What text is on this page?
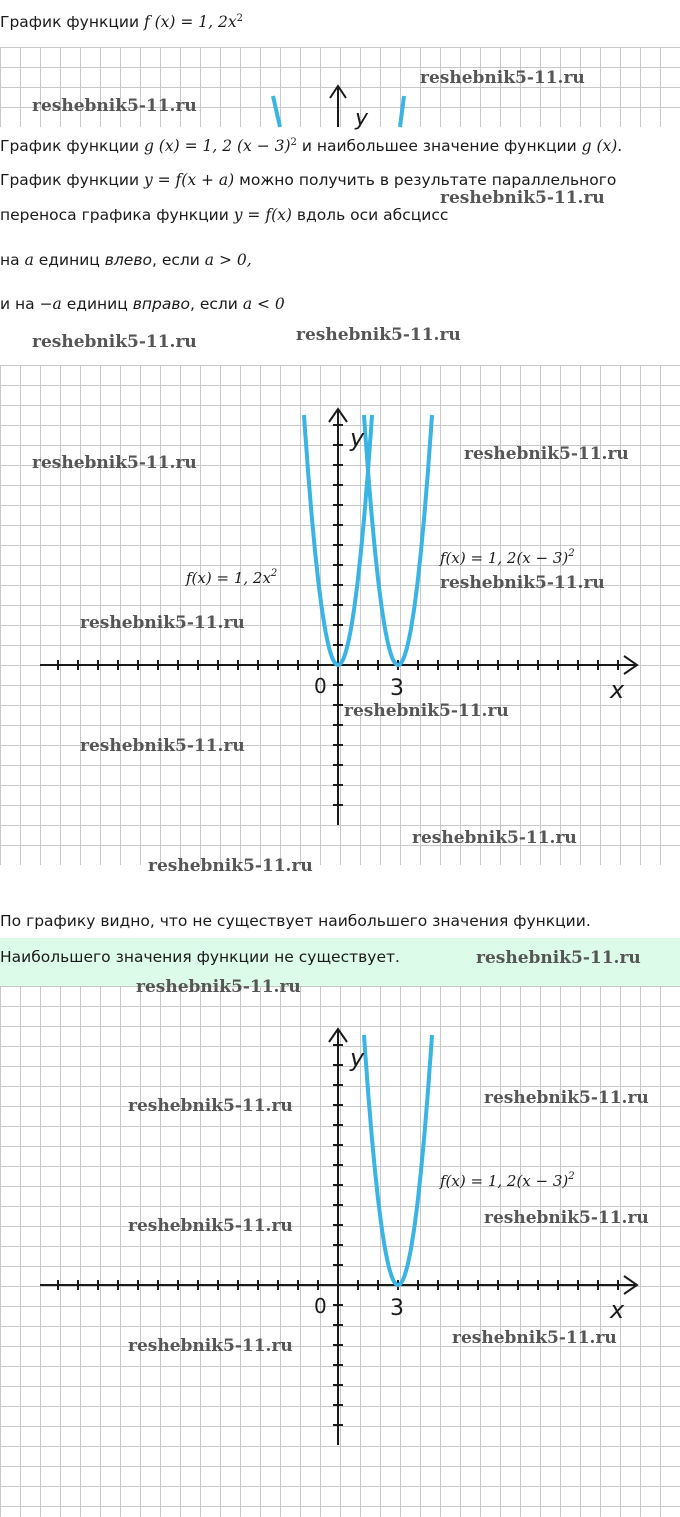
График функции f (x) = 1, $2x^2$
y
График функции g (x) = 1, 2 $(x - 3)^2$ и наибольшее значение функции g (x).
График функции y = f(x + a) можно получить в результате параллельного
переноса графика функции y = f(x) вдоль оси абсцисс
на a единиц влево, если a > 0,
и на −a единиц вправо, если a < 0
y
x
0	3
f(x) = 1, $2x^2$
f(x) = 1, $2(x - 3)^2$
По графику видно, что не существует наибольшего значения функции.
Наибольшего значения функции не существует.
y
x
0	3
f(x) = 1, $2(x - 3)^2$
reshebnik5-11.ru
reshebnik5-11.ru
reshebnik5-11.ru
reshebnik5-11.ru
reshebnik5-11.ru
reshebnik5-11.ru
reshebnik5-11.ru
reshebnik5-11.ru
reshebnik5-11.ru
reshebnik5-11.ru
reshebnik5-11.ru
reshebnik5-11.ru
reshebnik5-11.ru
reshebnik5-11.ru
reshebnik5-11.ru
reshebnik5-11.ru	reshebnik5-11.ru
reshebnik5-11.ru	reshebnik5-11.ru
reshebnik5-11.ru
reshebnik5-11.ru
